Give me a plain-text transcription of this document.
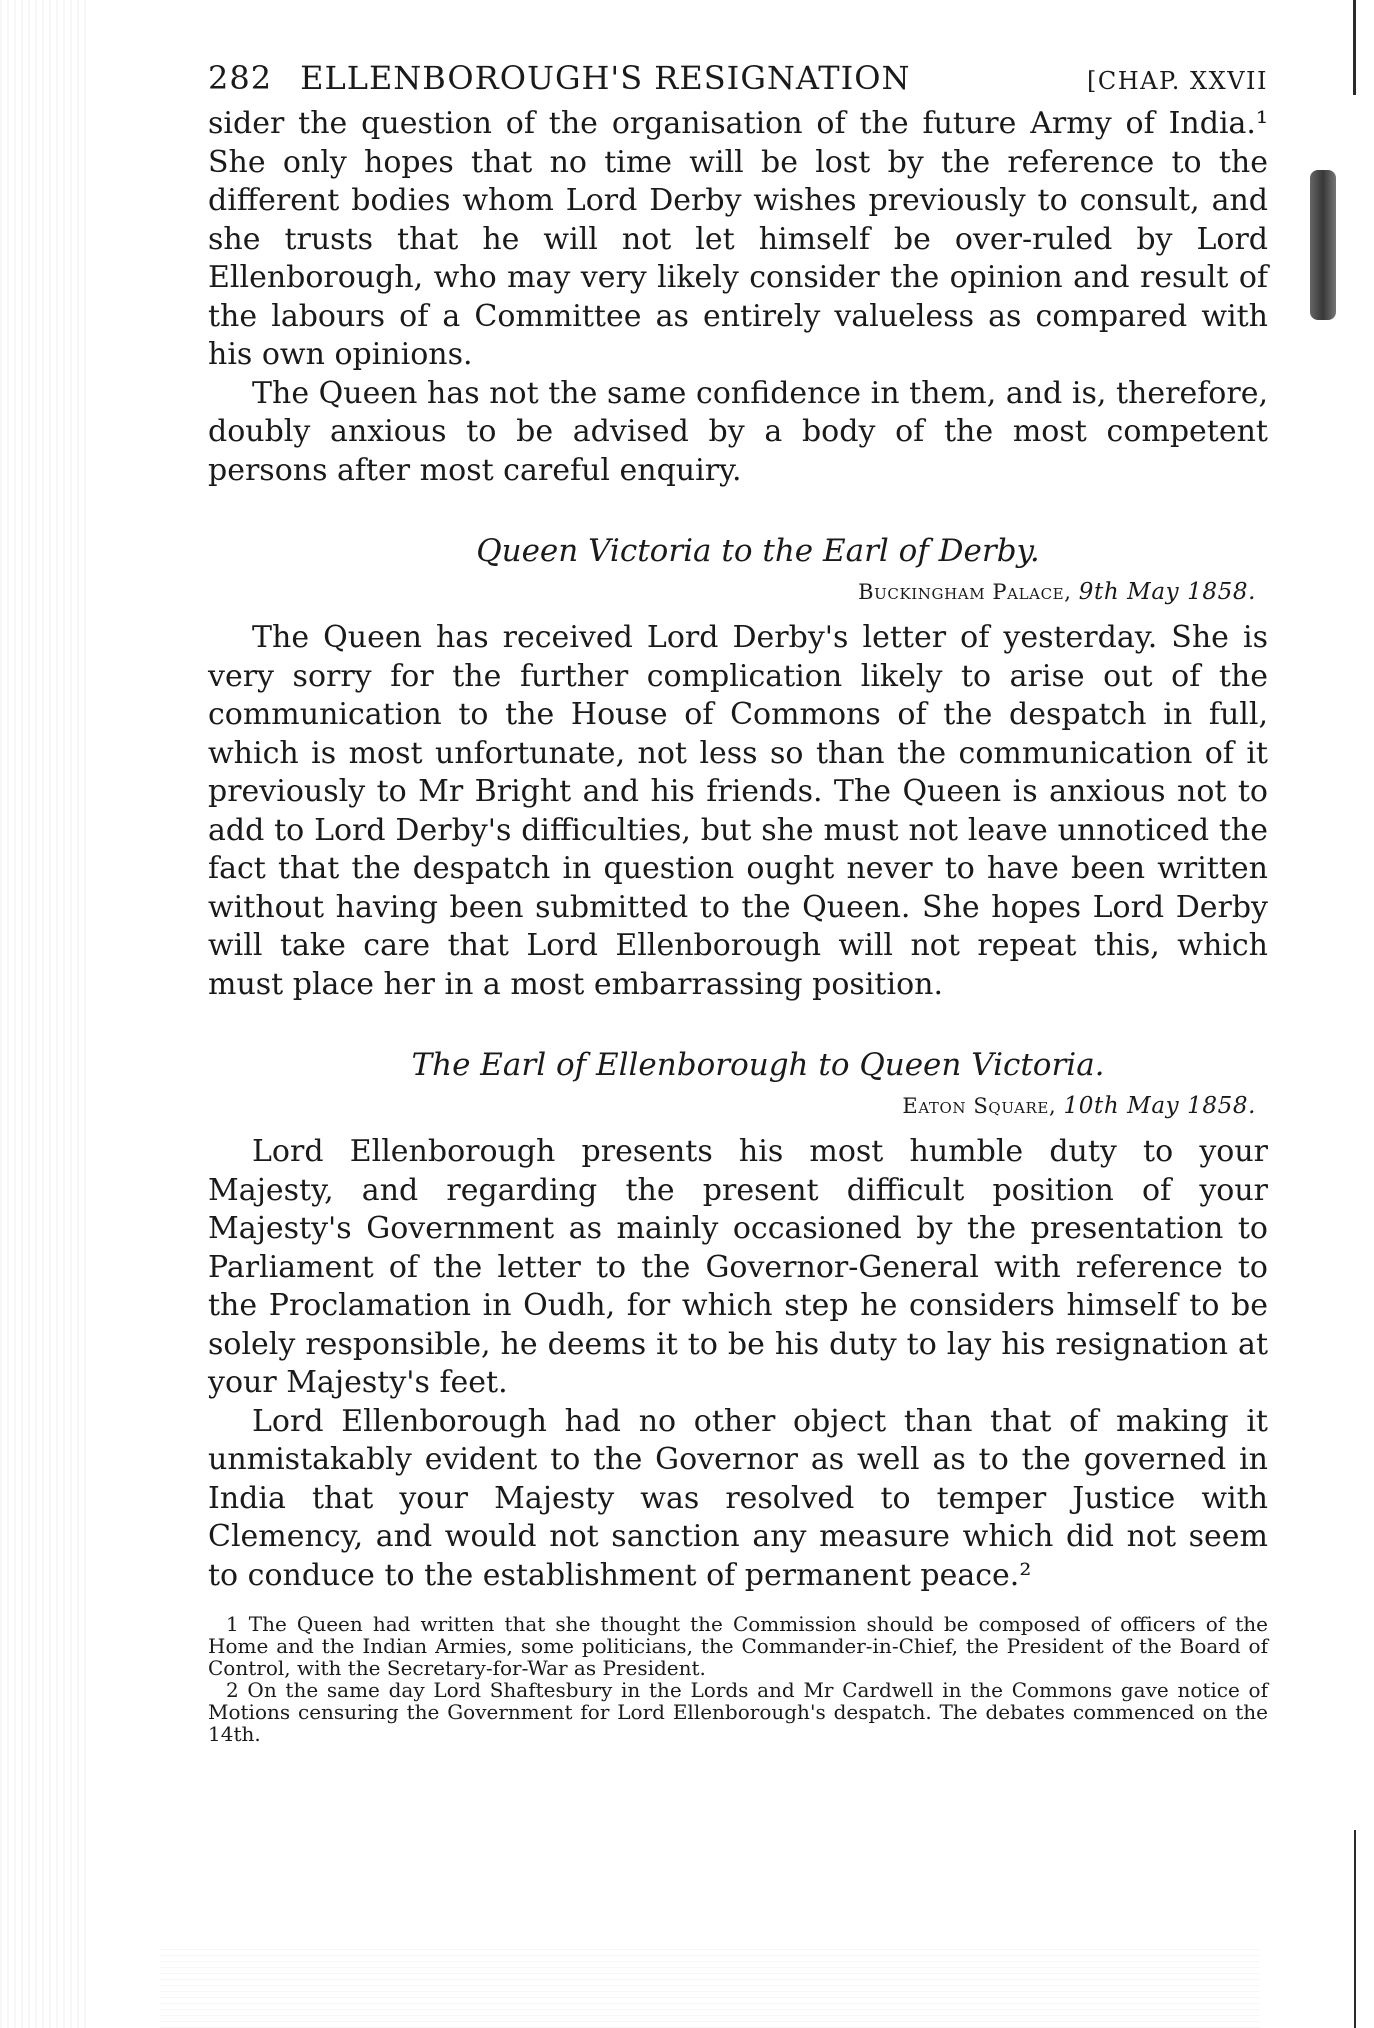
282 ELLENBOROUGH'S RESIGNATION	[CHAP. XXVII

sider the question of the organisation of the future Army of India.¹ She only hopes that no time will be lost by the reference to the different bodies whom Lord Derby wishes previously to consult, and she trusts that he will not let himself be over-ruled by Lord Ellenborough, who may very likely consider the opinion and result of the labours of a Committee as entirely valueless as compared with his own opinions.

The Queen has not the same confidence in them, and is, therefore, doubly anxious to be advised by a body of the most competent persons after most careful enquiry.

Queen Victoria to the Earl of Derby.
Buckingham Palace, 9th May 1858.

The Queen has received Lord Derby's letter of yesterday. She is very sorry for the further complication likely to arise out of the communication to the House of Commons of the despatch in full, which is most unfortunate, not less so than the communication of it previously to Mr Bright and his friends. The Queen is anxious not to add to Lord Derby's difficulties, but she must not leave unnoticed the fact that the despatch in question ought never to have been written without having been submitted to the Queen. She hopes Lord Derby will take care that Lord Ellenborough will not repeat this, which must place her in a most embarrassing position.

The Earl of Ellenborough to Queen Victoria.
Eaton Square, 10th May 1858.

Lord Ellenborough presents his most humble duty to your Majesty, and regarding the present difficult position of your Majesty's Government as mainly occasioned by the presentation to Parliament of the letter to the Governor-General with reference to the Proclamation in Oudh, for which step he considers himself to be solely responsible, he deems it to be his duty to lay his resignation at your Majesty's feet.

Lord Ellenborough had no other object than that of making it unmistakably evident to the Governor as well as to the governed in India that your Majesty was resolved to temper Justice with Clemency, and would not sanction any measure which did not seem to conduce to the establishment of permanent peace.²

1 The Queen had written that she thought the Commission should be composed of officers of the Home and the Indian Armies, some politicians, the Commander-in-Chief, the President of the Board of Control, with the Secretary-for-War as President.

2 On the same day Lord Shaftesbury in the Lords and Mr Cardwell in the Commons gave notice of Motions censuring the Government for Lord Ellenborough's despatch. The debates commenced on the 14th.
